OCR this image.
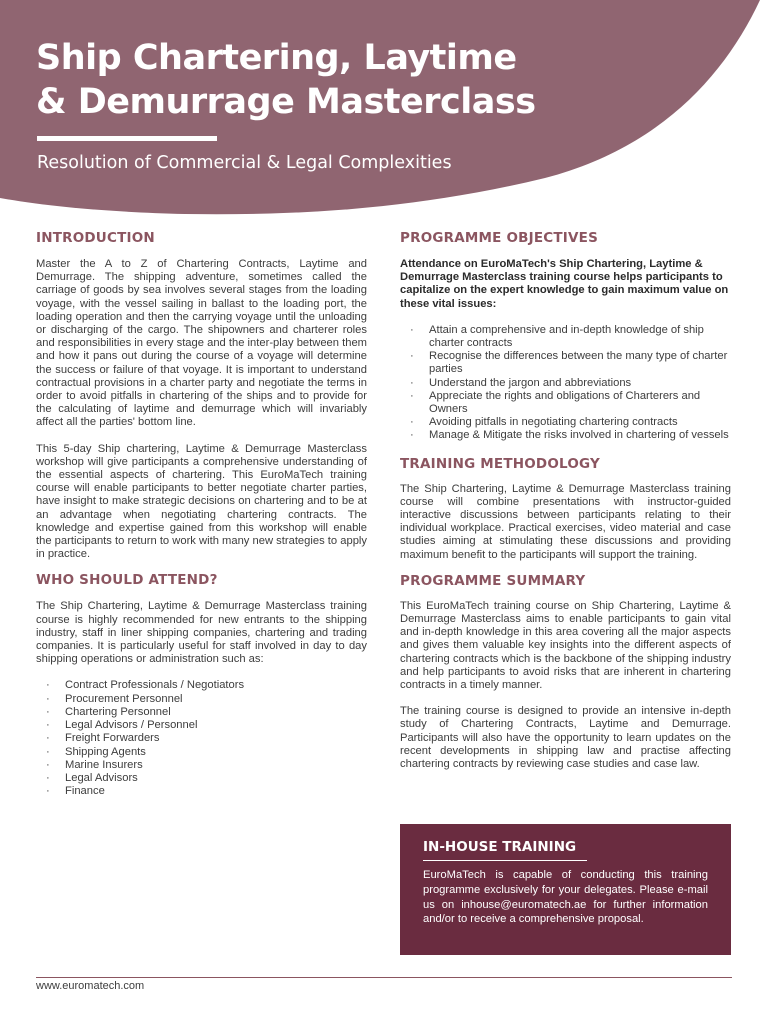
Ship Chartering, Laytime
& Demurrage Masterclass

Resolution of Commercial & Legal Complexities

INTRODUCTION

Master the A to Z of Chartering Contracts, Laytime and Demurrage. The shipping adventure, sometimes called the carriage of goods by sea involves several stages from the loading voyage, with the vessel sailing in ballast to the loading port, the loading operation and then the carrying voyage until the unloading or discharging of the cargo. The shipowners and charterer roles and responsibilities in every stage and the inter-play between them and how it pans out during the course of a voyage will determine the success or failure of that voyage. It is important to understand contractual provisions in a charter party and negotiate the terms in order to avoid pitfalls in chartering of the ships and to provide for the calculating of laytime and demurrage which will invariably affect all the parties' bottom line.

This 5-day Ship chartering, Laytime & Demurrage Masterclass workshop will give participants a comprehensive understanding of the essential aspects of chartering. This EuroMaTech training course will enable participants to better negotiate charter parties, have insight to make strategic decisions on chartering and to be at an advantage when negotiating chartering contracts. The knowledge and expertise gained from this workshop will enable the participants to return to work with many new strategies to apply in practice.

WHO SHOULD ATTEND?

The Ship Chartering, Laytime & Demurrage Masterclass training course is highly recommended for new entrants to the shipping industry, staff in liner shipping companies, chartering and trading companies. It is particularly useful for staff involved in day to day shipping operations or administration such as:

· Contract Professionals / Negotiators
· Procurement Personnel
· Chartering Personnel
· Legal Advisors / Personnel
· Freight Forwarders
· Shipping Agents
· Marine Insurers
· Legal Advisors
· Finance
PROGRAMME OBJECTIVES

Attendance on EuroMaTech's Ship Chartering, Laytime & Demurrage Masterclass training course helps participants to capitalize on the expert knowledge to gain maximum value on these vital issues:

· Attain a comprehensive and in-depth knowledge of ship charter contracts
· Recognise the differences between the many type of charter parties
· Understand the jargon and abbreviations
· Appreciate the rights and obligations of Charterers and Owners
· Avoiding pitfalls in negotiating chartering contracts
· Manage & Mitigate the risks involved in chartering of vessels
TRAINING METHODOLOGY

The Ship Chartering, Laytime & Demurrage Masterclass training course will combine presentations with instructor-guided interactive discussions between participants relating to their individual workplace. Practical exercises, video material and case studies aiming at stimulating these discussions and providing maximum benefit to the participants will support the training.

PROGRAMME SUMMARY

This EuroMaTech training course on Ship Chartering, Laytime & Demurrage Masterclass aims to enable participants to gain vital and in-depth knowledge in this area covering all the major aspects and gives them valuable key insights into the different aspects of chartering contracts which is the backbone of the shipping industry and help participants to avoid risks that are inherent in chartering contracts in a timely manner.

The training course is designed to provide an intensive in-depth study of Chartering Contracts, Laytime and Demurrage. Participants will also have the opportunity to learn updates on the recent developments in shipping law and practise affecting chartering contracts by reviewing case studies and case law.

IN-HOUSE TRAINING

EuroMaTech is capable of conducting this training programme exclusively for your delegates. Please e-mail us on inhouse@euromatech.ae for further information and/or to receive a comprehensive proposal.

www.euromatech.com
